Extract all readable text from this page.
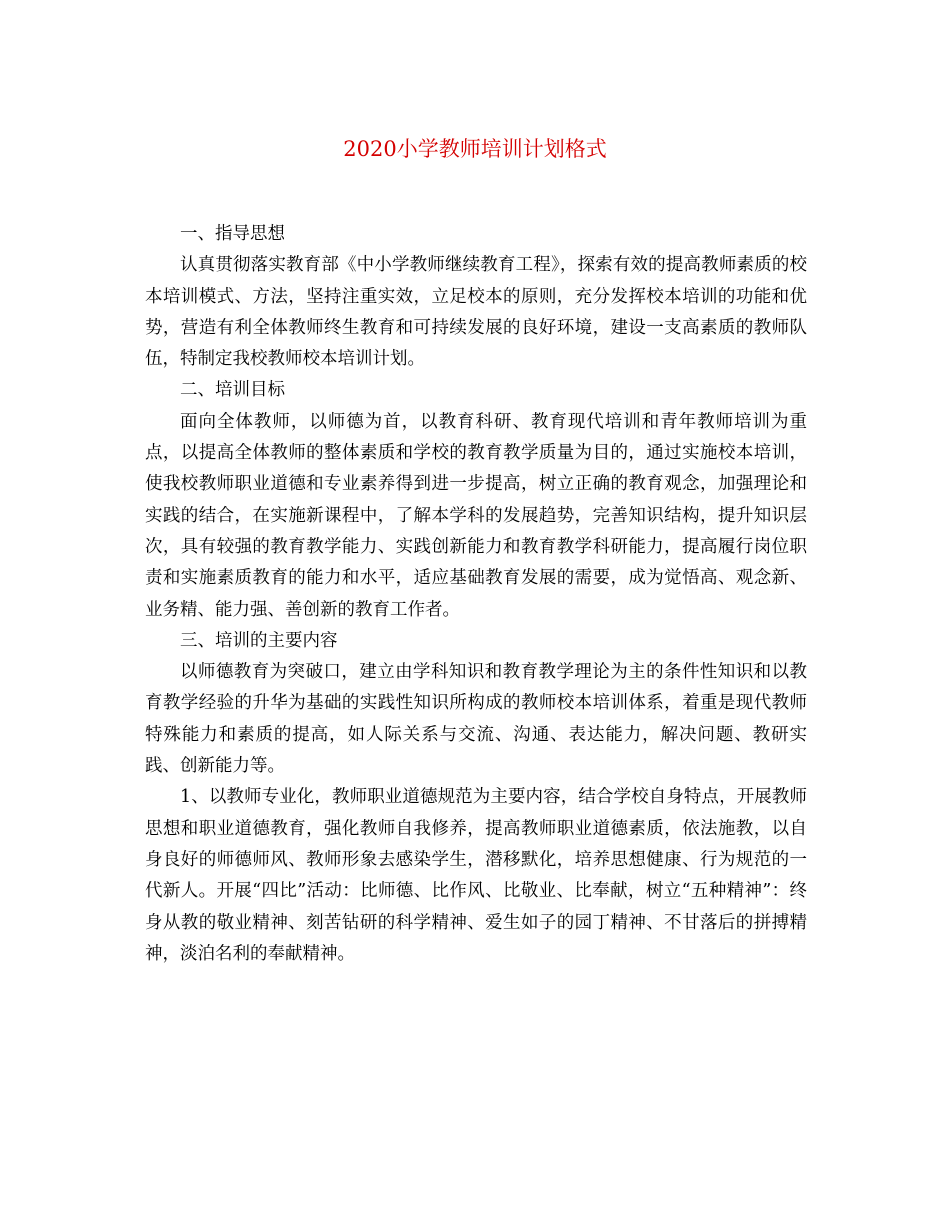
2020小学教师培训计划格式

一、指导思想

认真贯彻落实教育部《中小学教师继续教育工程》，探索有效的提高教师素质的校本培训模式、方法，坚持注重实效，立足校本的原则，充分发挥校本培训的功能和优势，营造有利全体教师终生教育和可持续发展的良好环境，建设一支高素质的教师队伍，特制定我校教师校本培训计划。

二、培训目标

面向全体教师，以师德为首，以教育科研、教育现代培训和青年教师培训为重点，以提高全体教师的整体素质和学校的教育教学质量为目的，通过实施校本培训，使我校教师职业道德和专业素养得到进一步提高，树立正确的教育观念，加强理论和实践的结合，在实施新课程中，了解本学科的发展趋势，完善知识结构，提升知识层次，具有较强的教育教学能力、实践创新能力和教育教学科研能力，提高履行岗位职责和实施素质教育的能力和水平，适应基础教育发展的需要，成为觉悟高、观念新、业务精、能力强、善创新的教育工作者。

三、培训的主要内容

以师德教育为突破口，建立由学科知识和教育教学理论为主的条件性知识和以教育教学经验的升华为基础的实践性知识所构成的教师校本培训体系，着重是现代教师特殊能力和素质的提高，如人际关系与交流、沟通、表达能力，解决问题、教研实践、创新能力等。

1、以教师专业化，教师职业道德规范为主要内容，结合学校自身特点，开展教师思想和职业道德教育，强化教师自我修养，提高教师职业道德素质，依法施教，以自身良好的师德师风、教师形象去感染学生，潜移默化，培养思想健康、行为规范的一代新人。开展“四比”活动：比师德、比作风、比敬业、比奉献，树立“五种精神”：终身从教的敬业精神、刻苦钻研的科学精神、爱生如子的园丁精神、不甘落后的拼搏精神，淡泊名利的奉献精神。
